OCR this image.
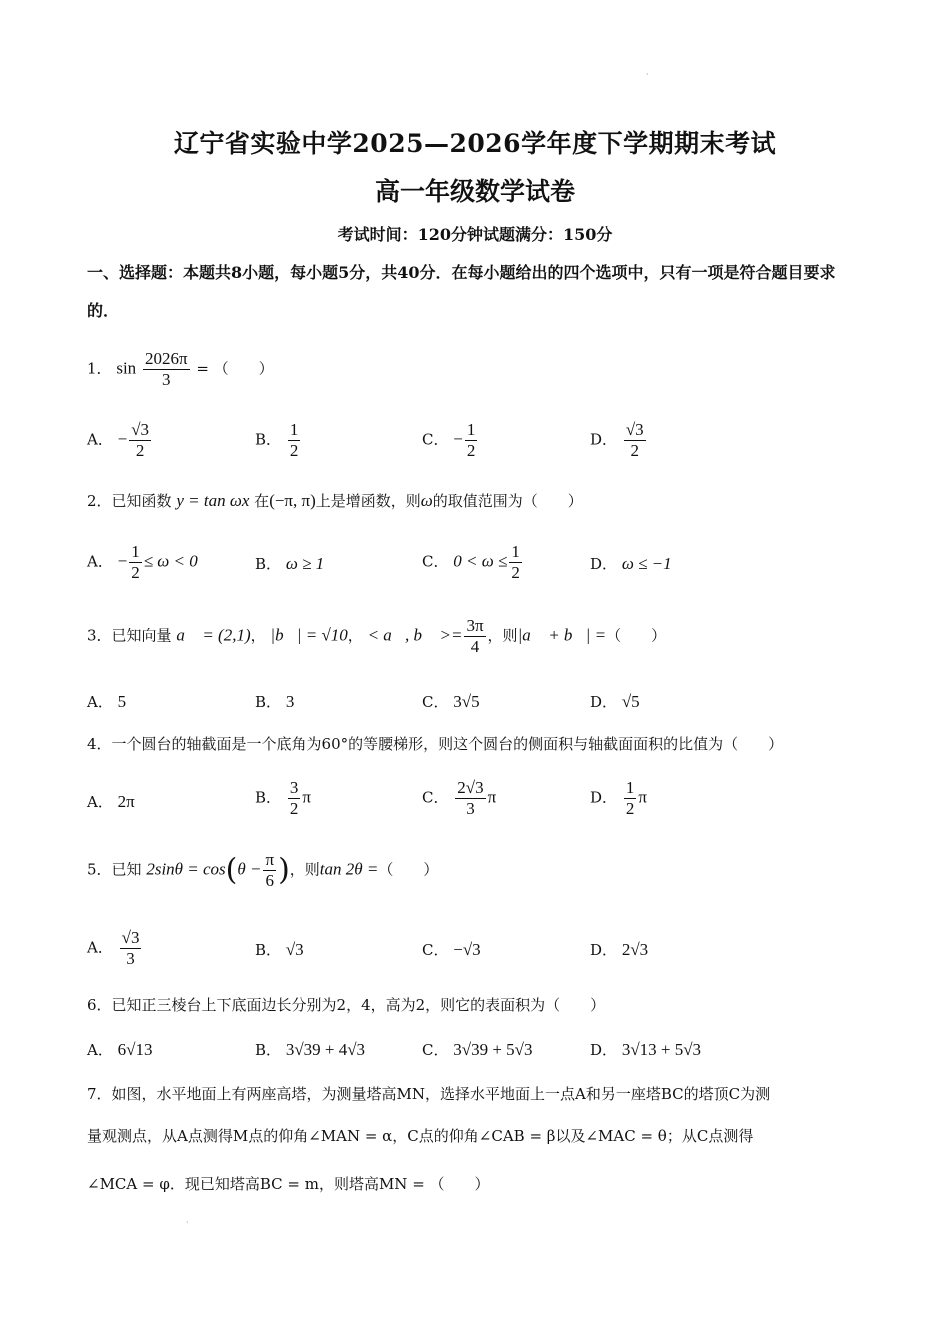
·
辽宁省实验中学2025—2026学年度下学期期末考试
高一年级数学试卷
考试时间：120分钟试题满分：150分
一、选择题：本题共8小题，每小题5分，共40分．在每小题给出的四个选项中，只有一项是符合题目要求的．
1． $\sin \frac{2026\pi}{3}$ = （　　）
A． − $\frac{√3}{2}$	B． $\frac{1}{2}$	C． − $\frac{1}{2}$	D． $\frac{√3}{2}$
2．已知函数 y = tan ωx 在(−π, π)上是增函数，则ω的取值范围为（　　）
A． − $\frac{1}{2} \le \omega < 0$	B． ω ≥ 1	C． $0 < \omega \le \frac{1}{2}$	D． ω ≤ −1
3．已知向量 a⃗ = (2,1)， |b⃗| = √10， < a⃗, b⃗ >= $\frac{3\pi}{4}$ ，则|a⃗ + b⃗| =（　　）
A． 5	B． 3	C． 3√5	D． √5
4．一个圆台的轴截面是一个底角为60°的等腰梯形，则这个圆台的侧面积与轴截面面积的比值为（　　）
A． 2π	B． $\frac{3}{2}$ π	C． $\frac{2√3}{3}$ π	D． $\frac{1}{2}$ π
5．已知 $2\sin\theta = \cos(\theta - \frac{\pi}{6}$ )，则tan 2θ =（　　）
A． $\frac{√3}{3}$	B． √3	C． −√3	D． 2√3
6．已知正三棱台上下底面边长分别为2，4，高为2，则它的表面积为（　　）
A． 6√13	B． 3√39 + 4√3	C． 3√39 + 5√3	D． 3√13 + 5√3
7．如图，水平地面上有两座高塔，为测量塔高MN，选择水平地面上一点A和另一座塔BC的塔顶C为测
量观测点，从A点测得M点的仰角∠MAN = α，C点的仰角∠CAB = β以及∠MAC = θ；从C点测得
∠MCA = φ．现已知塔高BC = m，则塔高MN = （　　）
·
